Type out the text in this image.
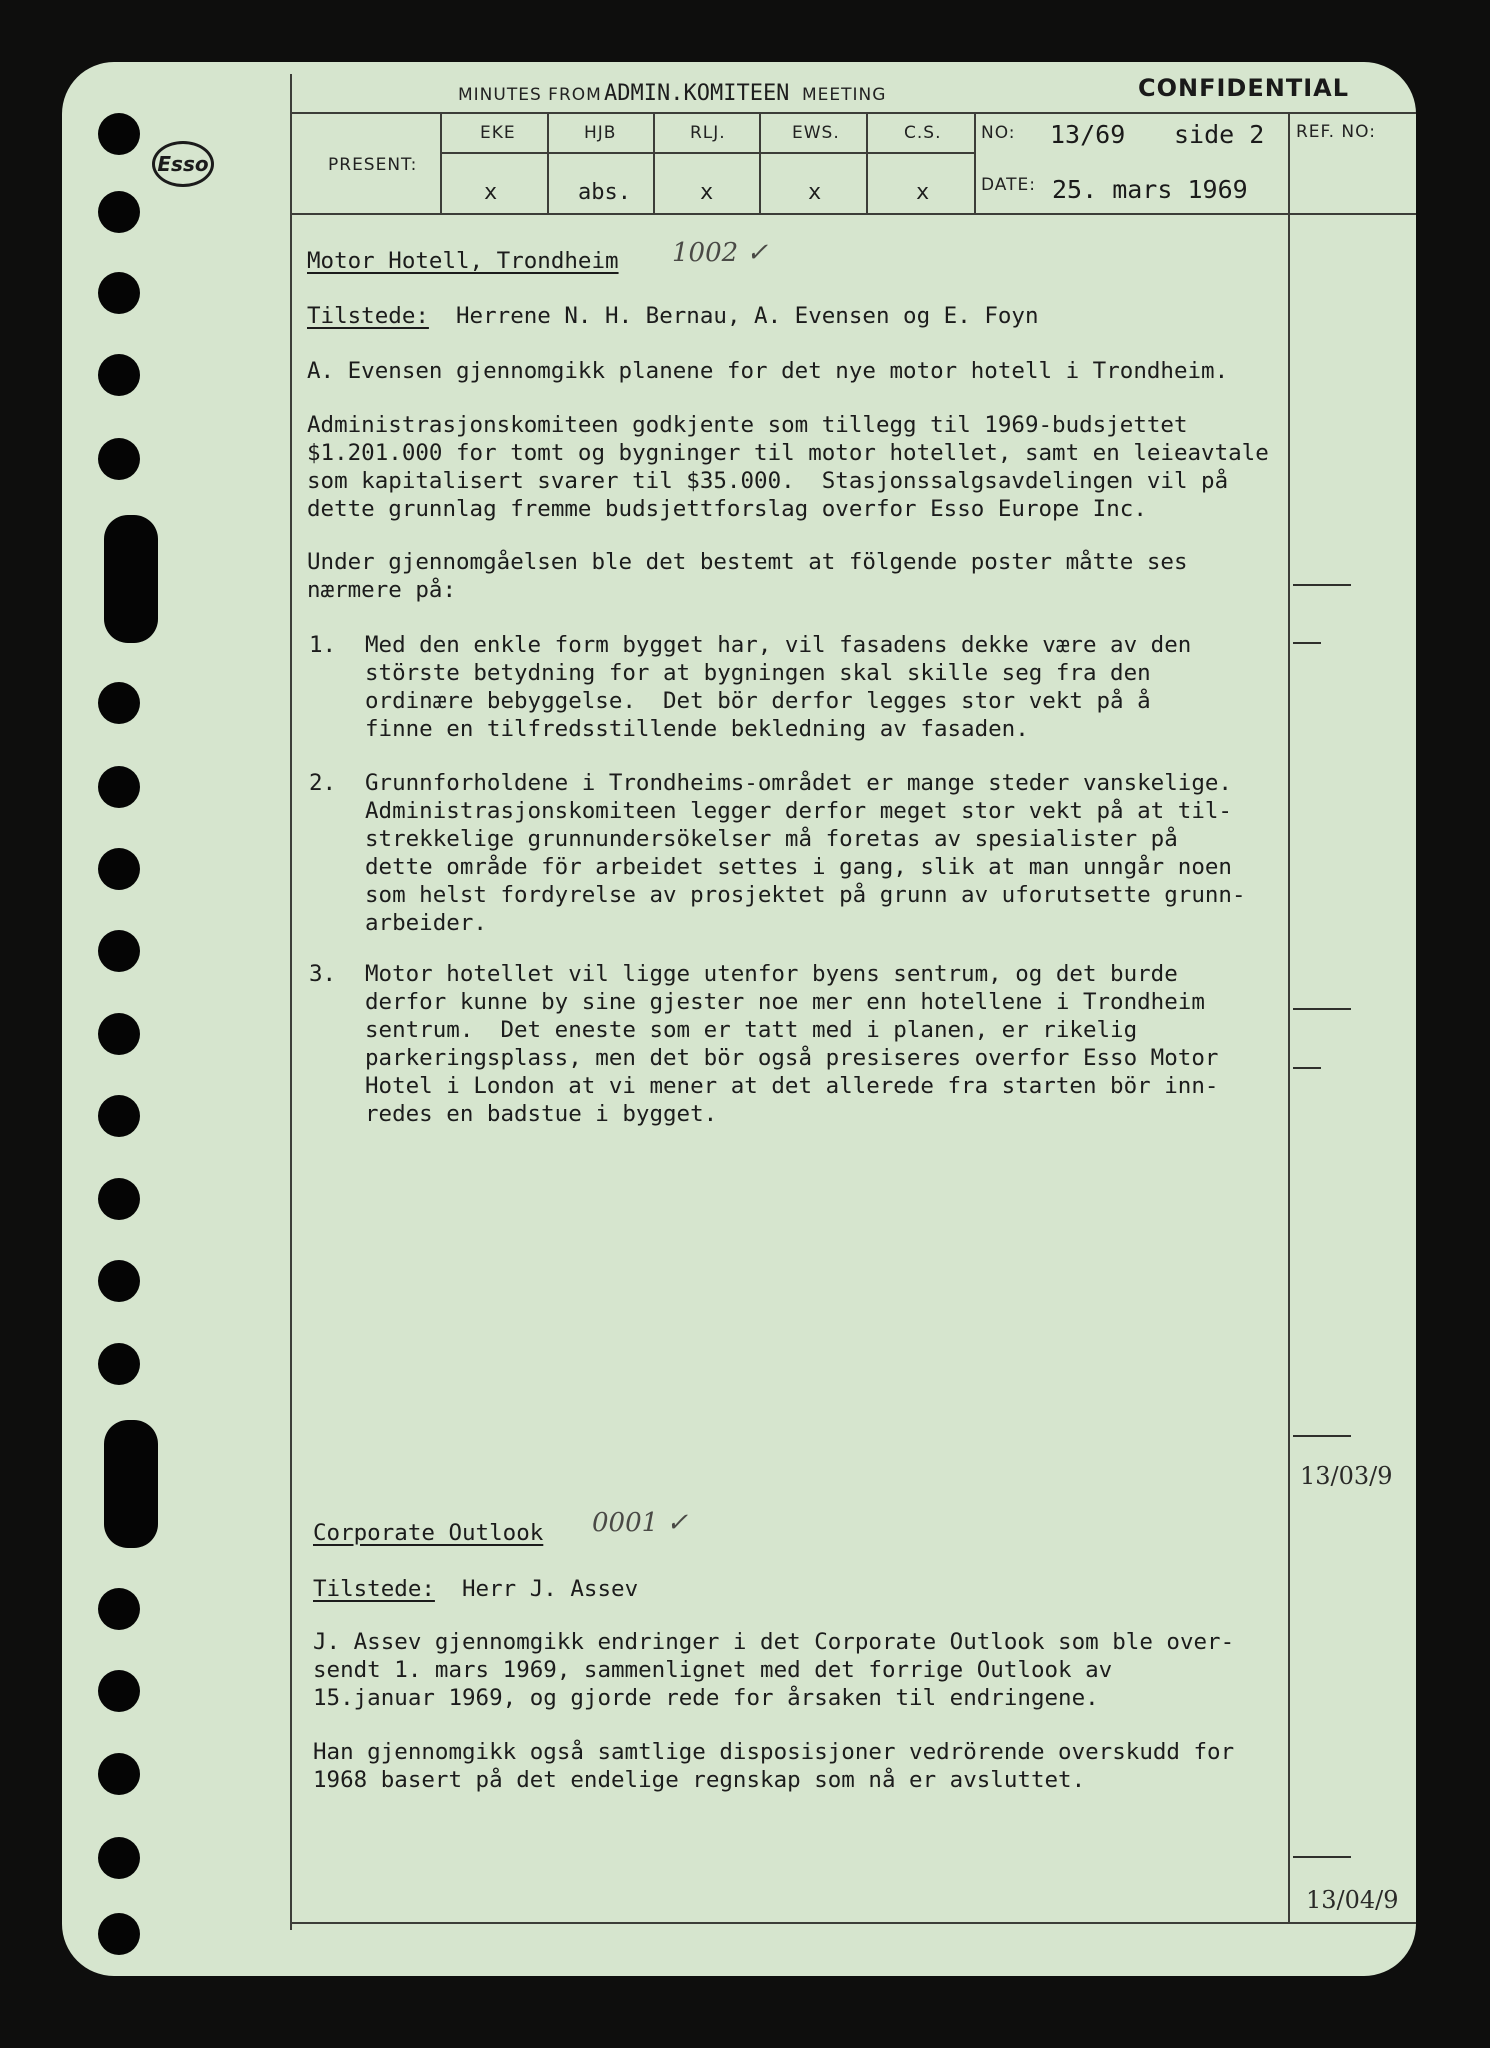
Esso
MINUTES FROM ADMIN.KOMITEEN MEETING	CONFIDENTIAL
PRESENT:
EKE	HJB	RLJ.	EWS.	C.S.
x	abs.	x	x	x
NO: 13/69 side 2
DATE: 25. mars 1969
REF. NO:
Motor Hotell, Trondheim 1002 ✓
Tilstede: Herrene N. H. Bernau, A. Evensen og E. Foyn

A. Evensen gjennomgikk planene for det nye motor hotell i Trondheim.

Administrasjonskomiteen godkjente som tillegg til 1969-budsjettet
$1.201.000 for tomt og bygninger til motor hotellet, samt en leieavtale
som kapitalisert svarer til $35.000.  Stasjonssalgsavdelingen vil på
dette grunnlag fremme budsjettforslag overfor Esso Europe Inc.

Under gjennomgåelsen ble det bestemt at fölgende poster måtte ses
nærmere på:

1. Med den enkle form bygget har, vil fasadens dekke være av den
störste betydning for at bygningen skal skille seg fra den
ordinære bebyggelse.  Det bör derfor legges stor vekt på å
finne en tilfredsstillende bekledning av fasaden.

2. Grunnforholdene i Trondheims-området er mange steder vanskelige.
Administrasjonskomiteen legger derfor meget stor vekt på at til-
strekkelige grunnundersökelser må foretas av spesialister på
dette område för arbeidet settes i gang, slik at man unngår noen
som helst fordyrelse av prosjektet på grunn av uforutsette grunn-
arbeider.

3. Motor hotellet vil ligge utenfor byens sentrum, og det burde
derfor kunne by sine gjester noe mer enn hotellene i Trondheim
sentrum.  Det eneste som er tatt med i planen, er rikelig
parkeringsplass, men det bör også presiseres overfor Esso Motor
Hotel i London at vi mener at det allerede fra starten bör inn-
redes en badstue i bygget.

13/03/9
Corporate Outlook 0001 ✓
Tilstede: Herr J. Assev

J. Assev gjennomgikk endringer i det Corporate Outlook som ble over-
sendt 1. mars 1969, sammenlignet med det forrige Outlook av
15.januar 1969, og gjorde rede for årsaken til endringene.

Han gjennomgikk også samtlige disposisjoner vedrörende overskudd for
1968 basert på det endelige regnskap som nå er avsluttet.

13/04/9
